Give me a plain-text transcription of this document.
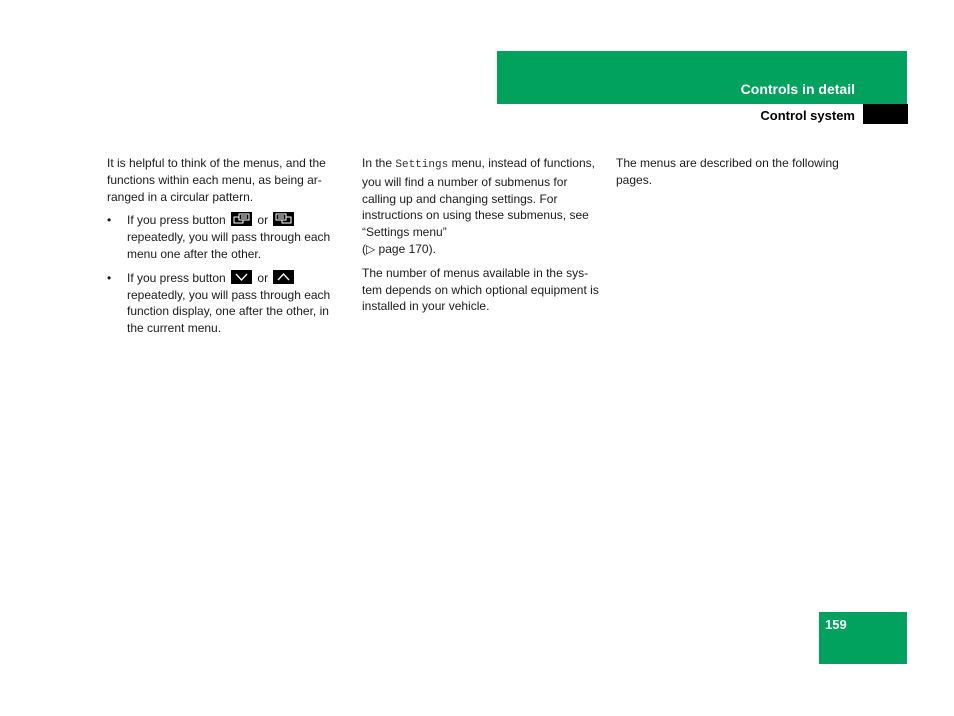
Controls in detail
Control system

It is helpful to think of the menus, and the functions within each menu, as being ar-ranged in a circular pattern.

•	If you press button	or
repeatedly, you will pass through each menu one after the other.
•	If you press button	or
repeatedly, you will pass through each function display, one after the other, in the current menu.

In the Settings menu, instead of functions, you will find a number of submenus for calling up and changing settings. For instructions on using these submenus, see “Settings menu”
(▷ page 170).

The number of menus available in the sys-tem depends on which optional equipment is installed in your vehicle.

The menus are described on the following pages.

159
